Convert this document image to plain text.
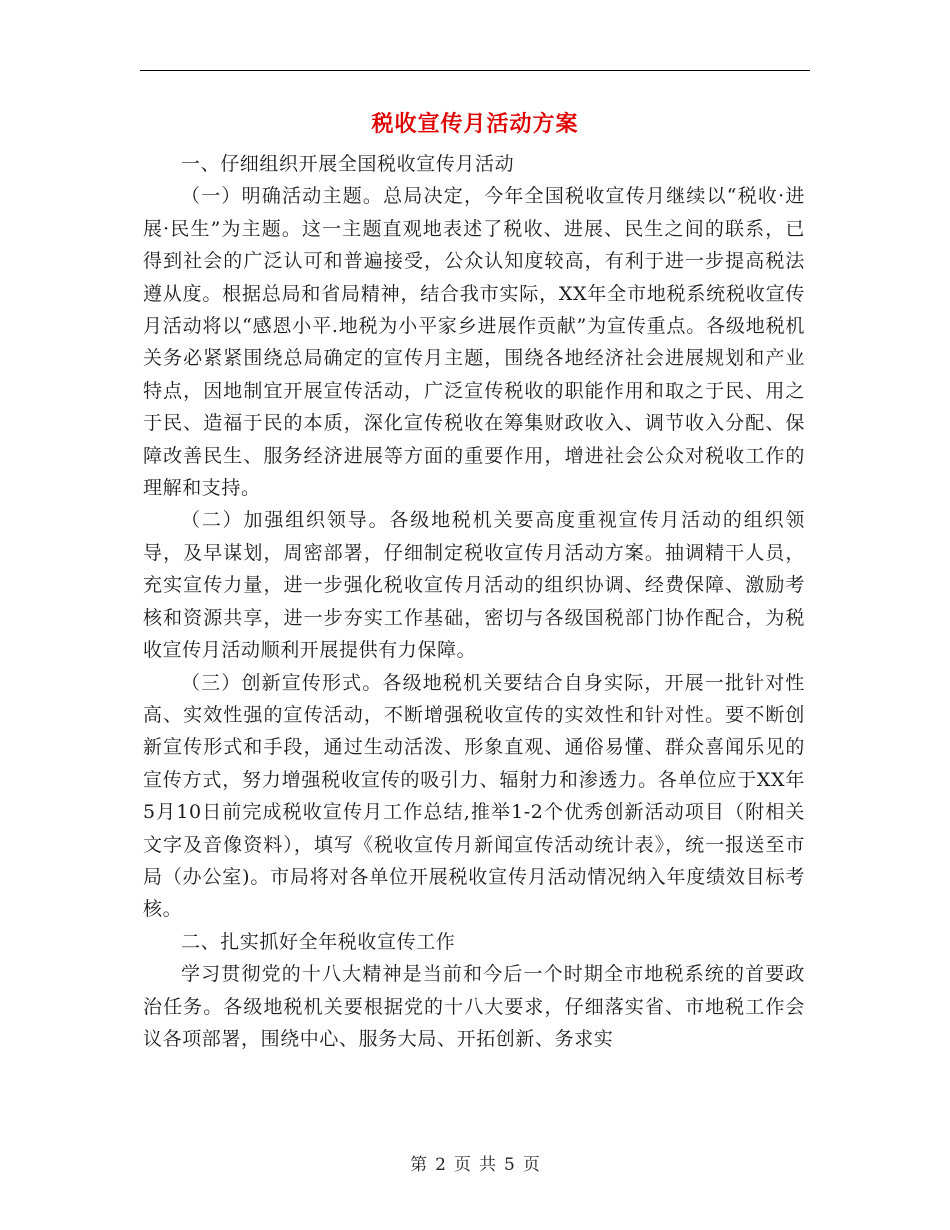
税收宣传月活动方案

一、仔细组织开展全国税收宣传月活动

（一）明确活动主题。总局决定，今年全国税收宣传月继续以“税收·进展·民生”为主题。这一主题直观地表述了税收、进展、民生之间的联系，已得到社会的广泛认可和普遍接受，公众认知度较高，有利于进一步提高税法遵从度。根据总局和省局精神，结合我市实际，XX年全市地税系统税收宣传月活动将以“感恩小平.地税为小平家乡进展作贡献”为宣传重点。各级地税机关务必紧紧围绕总局确定的宣传月主题，围绕各地经济社会进展规划和产业特点，因地制宜开展宣传活动，广泛宣传税收的职能作用和取之于民、用之于民、造福于民的本质，深化宣传税收在筹集财政收入、调节收入分配、保障改善民生、服务经济进展等方面的重要作用，增进社会公众对税收工作的理解和支持。

（二）加强组织领导。各级地税机关要高度重视宣传月活动的组织领导，及早谋划，周密部署，仔细制定税收宣传月活动方案。抽调精干人员，充实宣传力量，进一步强化税收宣传月活动的组织协调、经费保障、激励考核和资源共享，进一步夯实工作基础，密切与各级国税部门协作配合，为税收宣传月活动顺利开展提供有力保障。

（三）创新宣传形式。各级地税机关要结合自身实际，开展一批针对性高、实效性强的宣传活动，不断增强税收宣传的实效性和针对性。要不断创新宣传形式和手段，通过生动活泼、形象直观、通俗易懂、群众喜闻乐见的宣传方式，努力增强税收宣传的吸引力、辐射力和渗透力。各单位应于XX年5月10日前完成税收宣传月工作总结,推举1-2个优秀创新活动项目（附相关文字及音像资料），填写《税收宣传月新闻宣传活动统计表》，统一报送至市局（办公室)。市局将对各单位开展税收宣传月活动情况纳入年度绩效目标考核。

二、扎实抓好全年税收宣传工作

学习贯彻党的十八大精神是当前和今后一个时期全市地税系统的首要政治任务。各级地税机关要根据党的十八大要求，仔细落实省、市地税工作会议各项部署，围绕中心、服务大局、开拓创新、务求实

第 2 页 共 5 页
